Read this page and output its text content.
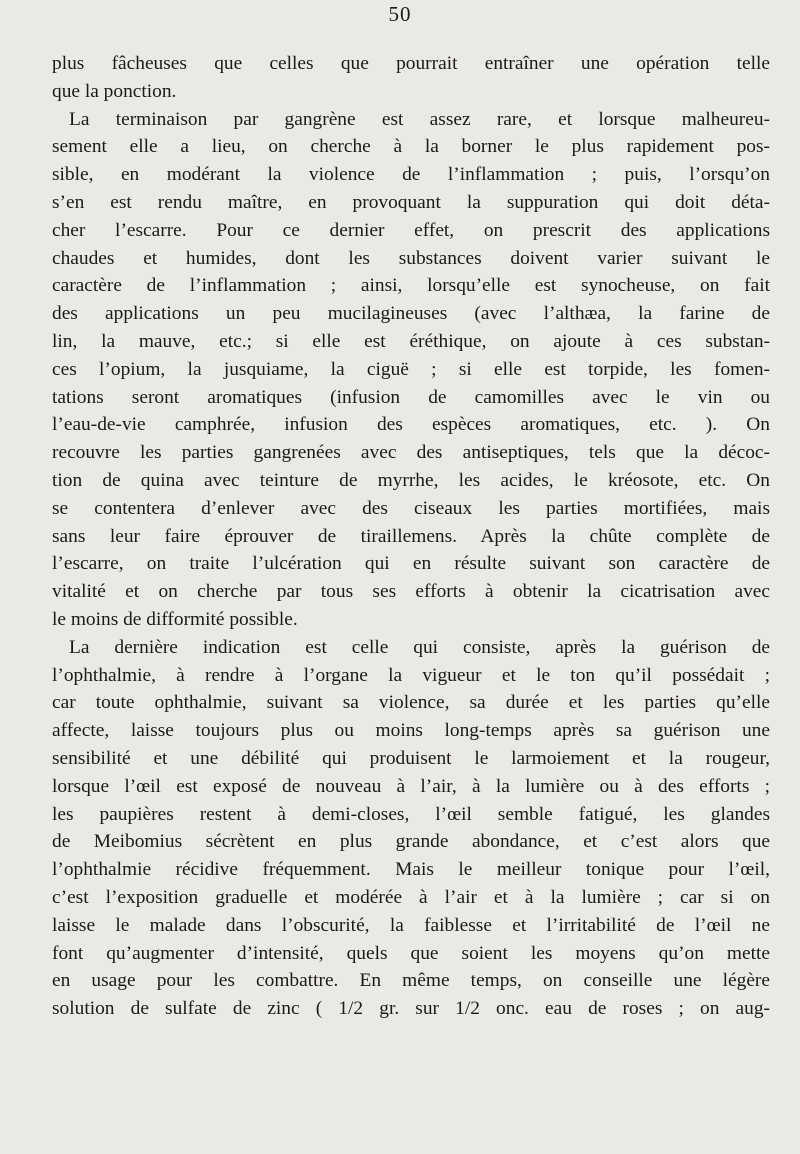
50
plus fâcheuses que celles que pourrait entraîner une opération telle
que la ponction.
La terminaison par gangrène est assez rare, et lorsque malheureu-
sement elle a lieu, on cherche à la borner le plus rapidement pos-
sible, en modérant la violence de l’inflammation ; puis, l’orsqu’on
s’en est rendu maître, en provoquant la suppuration qui doit déta-
cher l’escarre. Pour ce dernier effet, on prescrit des applications
chaudes et humides, dont les substances doivent varier suivant le
caractère de l’inflammation ; ainsi, lorsqu’elle est synocheuse, on fait
des applications un peu mucilagineuses (avec l’althæa, la farine de
lin, la mauve, etc.; si elle est éréthique, on ajoute à ces substan-
ces l’opium, la jusquiame, la ciguë ; si elle est torpide, les fomen-
tations seront aromatiques (infusion de camomilles avec le vin ou
l’eau-de-vie camphrée, infusion des espèces aromatiques, etc. ). On
recouvre les parties gangrenées avec des antiseptiques, tels que la décoc-
tion de quina avec teinture de myrrhe, les acides, le kréosote, etc. On
se contentera d’enlever avec des ciseaux les parties mortifiées, mais
sans leur faire éprouver de tiraillemens. Après la chûte complète de
l’escarre, on traite l’ulcération qui en résulte suivant son caractère de
vitalité et on cherche par tous ses efforts à obtenir la cicatrisation avec
le moins de difformité possible.
La dernière indication est celle qui consiste, après la guérison de
l’ophthalmie, à rendre à l’organe la vigueur et le ton qu’il possédait ;
car toute ophthalmie, suivant sa violence, sa durée et les parties qu’elle
affecte, laisse toujours plus ou moins long-temps après sa guérison une
sensibilité et une débilité qui produisent le larmoiement et la rougeur,
lorsque l’œil est exposé de nouveau à l’air, à la lumière ou à des efforts ;
les paupières restent à demi-closes, l’œil semble fatigué, les glandes
de Meibomius sécrètent en plus grande abondance, et c’est alors que
l’ophthalmie récidive fréquemment. Mais le meilleur tonique pour l’œil,
c’est l’exposition graduelle et modérée à l’air et à la lumière ; car si on
laisse le malade dans l’obscurité, la faiblesse et l’irritabilité de l’œil ne
font qu’augmenter d’intensité, quels que soient les moyens qu’on mette
en usage pour les combattre. En même temps, on conseille une légère
solution de sulfate de zinc ( 1/2 gr. sur 1/2 onc. eau de roses ; on aug-
